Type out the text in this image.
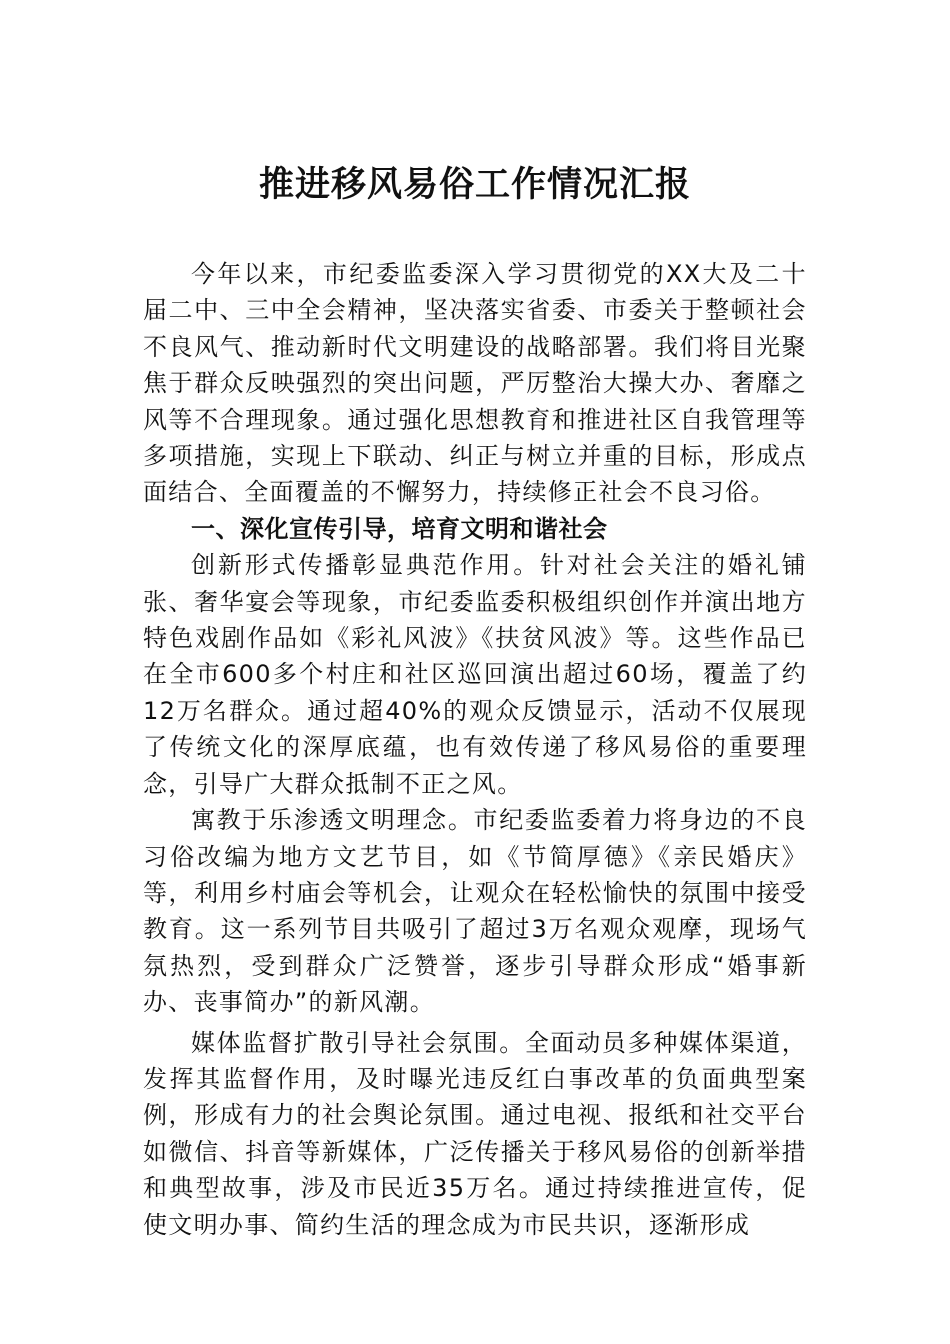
推进移风易俗工作情况汇报

今年以来，市纪委监委深入学习贯彻党的XX大及二十届二中、三中全会精神，坚决落实省委、市委关于整顿社会不良风气、推动新时代文明建设的战略部署。我们将目光聚焦于群众反映强烈的突出问题，严厉整治大操大办、奢靡之风等不合理现象。通过强化思想教育和推进社区自我管理等多项措施，实现上下联动、纠正与树立并重的目标，形成点面结合、全面覆盖的不懈努力，持续修正社会不良习俗。

一、深化宣传引导，培育文明和谐社会

创新形式传播彰显典范作用。针对社会关注的婚礼铺张、奢华宴会等现象，市纪委监委积极组织创作并演出地方特色戏剧作品如《彩礼风波》《扶贫风波》等。这些作品已在全市600多个村庄和社区巡回演出超过60场，覆盖了约12万名群众。通过超40%的观众反馈显示，活动不仅展现了传统文化的深厚底蕴，也有效传递了移风易俗的重要理念，引导广大群众抵制不正之风。

寓教于乐渗透文明理念。市纪委监委着力将身边的不良习俗改编为地方文艺节目，如《节简厚德》《亲民婚庆》等，利用乡村庙会等机会，让观众在轻松愉快的氛围中接受教育。这一系列节目共吸引了超过3万名观众观摩，现场气氛热烈，受到群众广泛赞誉，逐步引导群众形成“婚事新办、丧事简办”的新风潮。

媒体监督扩散引导社会氛围。全面动员多种媒体渠道，发挥其监督作用，及时曝光违反红白事改革的负面典型案例，形成有力的社会舆论氛围。通过电视、报纸和社交平台如微信、抖音等新媒体，广泛传播关于移风易俗的创新举措和典型故事，涉及市民近35万名。通过持续推进宣传，促使文明办事、简约生活的理念成为市民共识，逐渐形成
